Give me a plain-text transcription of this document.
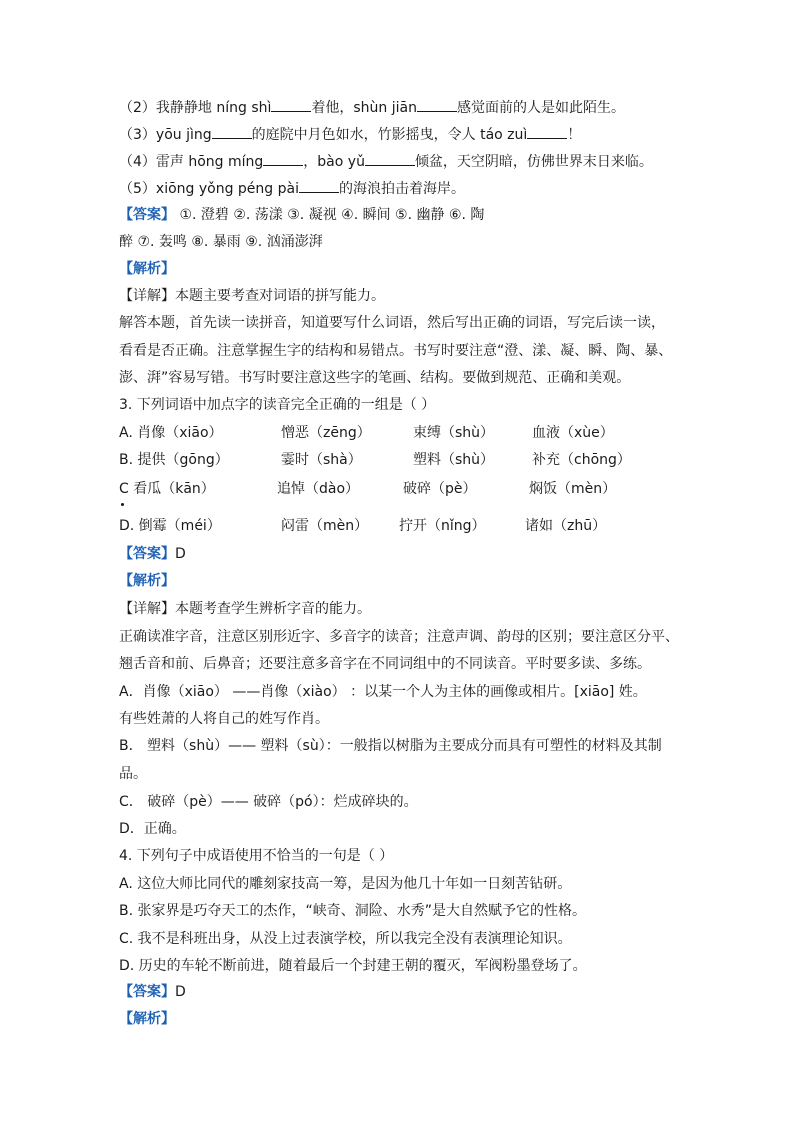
（2）我静静地 níng shì	着他，shùn jiān	感觉面前的人是如此陌生。
（3）yōu jìng	的庭院中月色如水，竹影摇曳，令人 táo zuì	！
（4）雷声 hōng míng	，bào yǔ	倾盆，天空阴暗，仿佛世界末日来临。
（5）xiōng yǒng péng pài	的海浪拍击着海岸。
【答案】 ①. 澄碧 ②. 荡漾 ③. 凝视 ④. 瞬间 ⑤. 幽静 ⑥. 陶
醉 ⑦. 轰鸣 ⑧. 暴雨 ⑨. 汹涌澎湃
【解析】
【详解】本题主要考查对词语的拼写能力。
解答本题，首先读一读拼音，知道要写什么词语，然后写出正确的词语，写完后读一读，
看看是否正确。注意掌握生字的结构和易错点。书写时要注意“澄、漾、凝、瞬、陶、暴、
澎、湃”容易写错。书写时要注意这些字的笔画、结构。要做到规范、正确和美观。
3. 下列词语中加点字的读音完全正确的一组是（ ）
A. 肖像（xiāo）	憎恶（zēng）	束缚（shù）	血液（xùe）
B. 提供（gōng）	霎时（shà）	塑料（shù）	补充（chōng）
C 看瓜（kān）	追悼（dào）	破碎（pè）	焖饭（mèn）
D. 倒霉（méi）	闷雷（mèn） 拧开（nǐng）	诸如（zhū）
【答案】D
【解析】
【详解】本题考查学生辨析字音的能力。
正确读准字音，注意区别形近字、多音字的读音；注意声调、韵母的区别；要注意区分平、
翘舌音和前、后鼻音；还要注意多音字在不同词组中的不同读音。平时要多读、多练。
A．肖像（xiāo） ——肖像（xiào） ：以某一个人为主体的画像或相片。[xiāo] 姓。
有些姓萧的人将自己的姓写作肖。
B． 塑料（shù）—— 塑料（sù）：一般指以树脂为主要成分而具有可塑性的材料及其制
品。
C． 破碎（pè）—— 破碎（pó）：烂成碎块的。
D．正确。
4. 下列句子中成语使用不恰当的一句是（ ）
A. 这位大师比同代的雕刻家技高一筹，是因为他几十年如一日刻苦钻研。
B. 张家界是巧夺天工的杰作，“峡奇、洞险、水秀”是大自然赋予它的性格。
C. 我不是科班出身，从没上过表演学校，所以我完全没有表演理论知识。
D. 历史的车轮不断前进，随着最后一个封建王朝的覆灭，军阀粉墨登场了。
【答案】D
【解析】
